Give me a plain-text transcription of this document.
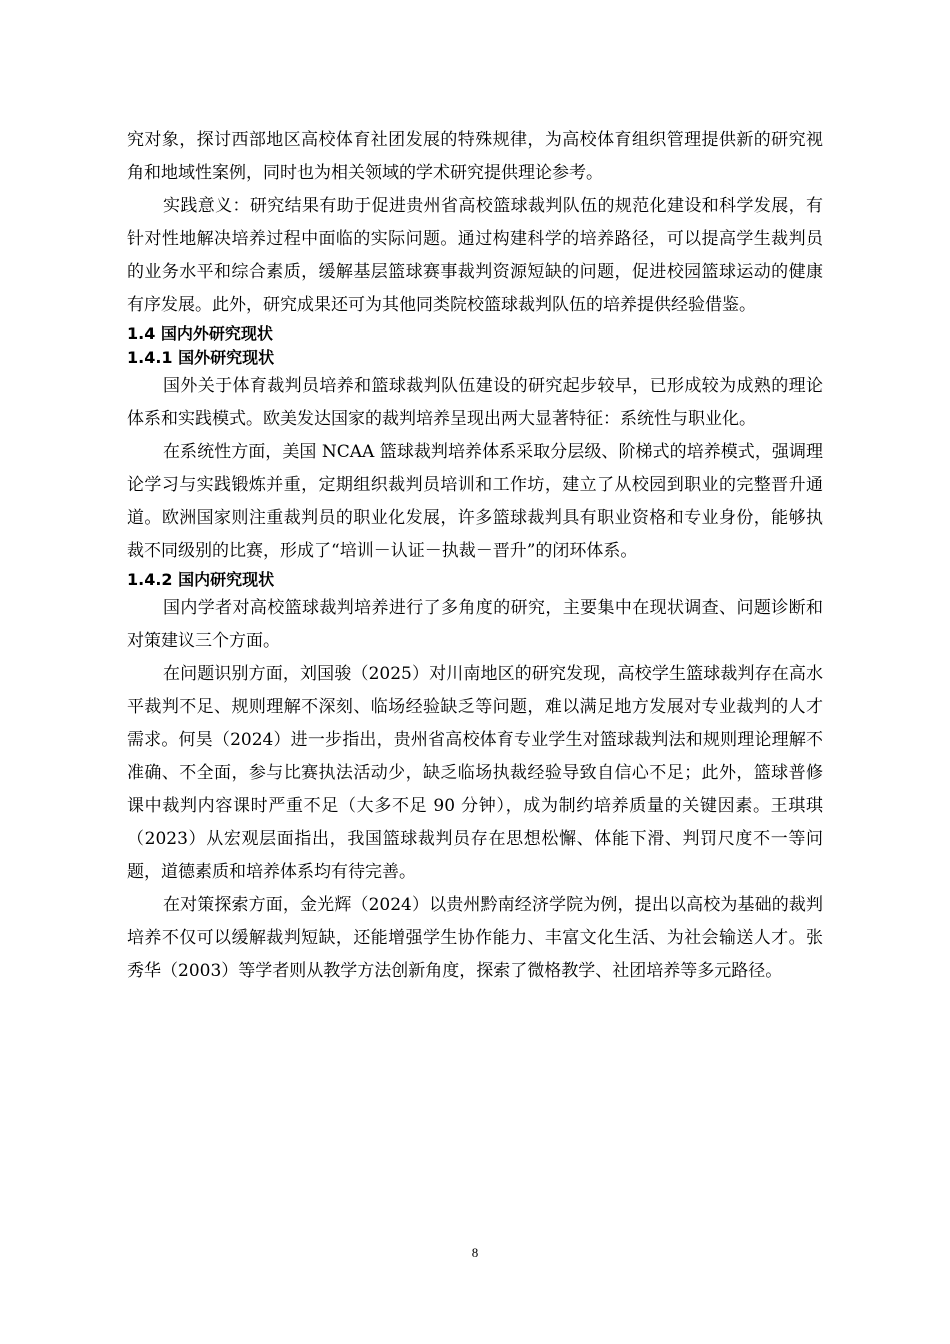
究对象，探讨西部地区高校体育社团发展的特殊规律，为高校体育组织管理提供新的研究视角和地域性案例，同时也为相关领域的学术研究提供理论参考。

实践意义：研究结果有助于促进贵州省高校篮球裁判队伍的规范化建设和科学发展，有针对性地解决培养过程中面临的实际问题。通过构建科学的培养路径，可以提高学生裁判员的业务水平和综合素质，缓解基层篮球赛事裁判资源短缺的问题，促进校园篮球运动的健康有序发展。此外，研究成果还可为其他同类院校篮球裁判队伍的培养提供经验借鉴。

1.4 国内外研究现状
1.4.1 国外研究现状

国外关于体育裁判员培养和篮球裁判队伍建设的研究起步较早，已形成较为成熟的理论体系和实践模式。欧美发达国家的裁判培养呈现出两大显著特征：系统性与职业化。

在系统性方面，美国 NCAA 篮球裁判培养体系采取分层级、阶梯式的培养模式，强调理论学习与实践锻炼并重，定期组织裁判员培训和工作坊，建立了从校园到职业的完整晋升通道。欧洲国家则注重裁判员的职业化发展，许多篮球裁判具有职业资格和专业身份，能够执裁不同级别的比赛，形成了“培训－认证－执裁－晋升”的闭环体系。

1.4.2 国内研究现状

国内学者对高校篮球裁判培养进行了多角度的研究，主要集中在现状调查、问题诊断和对策建议三个方面。

在问题识别方面，刘国骏（2025）对川南地区的研究发现，高校学生篮球裁判存在高水平裁判不足、规则理解不深刻、临场经验缺乏等问题，难以满足地方发展对专业裁判的人才需求。何昊（2024）进一步指出，贵州省高校体育专业学生对篮球裁判法和规则理论理解不准确、不全面，参与比赛执法活动少，缺乏临场执裁经验导致自信心不足；此外，篮球普修课中裁判内容课时严重不足（大多不足 90 分钟），成为制约培养质量的关键因素。王琪琪（2023）从宏观层面指出，我国篮球裁判员存在思想松懈、体能下滑、判罚尺度不一等问题，道德素质和培养体系均有待完善。

在对策探索方面，金光辉（2024）以贵州黔南经济学院为例，提出以高校为基础的裁判培养不仅可以缓解裁判短缺，还能增强学生协作能力、丰富文化生活、为社会输送人才。张秀华（2003）等学者则从教学方法创新角度，探索了微格教学、社团培养等多元路径。

8
